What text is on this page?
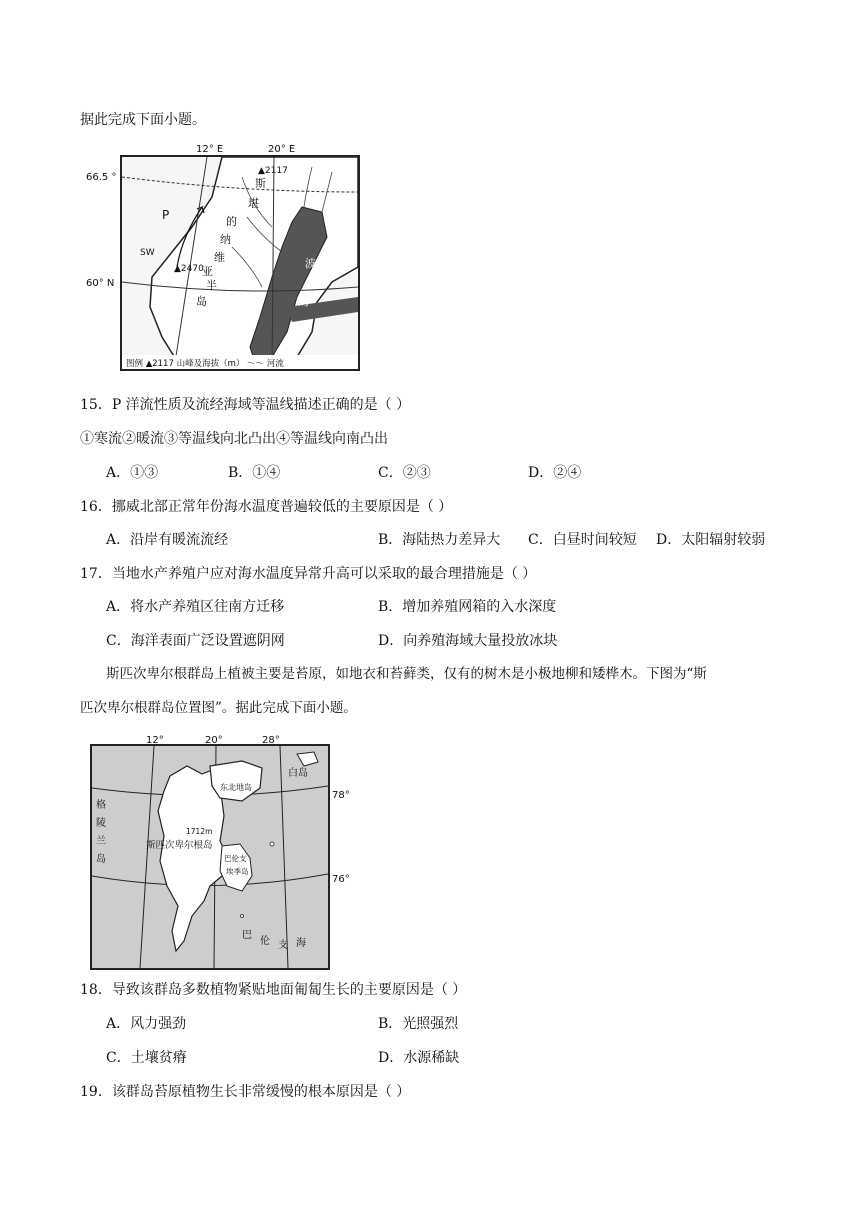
据此完成下面小题。
P
SW
▲2117
▲2470
斯
堪
的
纳
维
亚
半
岛
波
的
海
图例 ▲2117 山峰及海拔（m） 〜〜 河流
12° E	20° E
66.5 °
60° N
15．P 洋流性质及流经海域等温线描述正确的是（ ）
①寒流②暖流③等温线向北凸出④等温线向南凸出
A．①③	B．①④	C．②③	D．②④
16．挪威北部正常年份海水温度普遍较低的主要原因是（ ）
A．沿岸有暖流流经	B．海陆热力差异大 C．白昼时间较短 D．太阳辐射较弱
17．当地水产养殖户应对海水温度异常升高可以采取的最合理措施是（ ）
A．将水产养殖区往南方迁移	B．增加养殖网箱的入水深度
C．海洋表面广泛设置遮阴网	D．向养殖海域大量投放冰块
斯匹次卑尔根群岛上植被主要是苔原，如地衣和苔藓类，仅有的树木是小极地柳和矮桦木。下图为“斯
匹次卑尔根群岛位置图”。据此完成下面小题。
白岛
东北地岛
1712m
斯匹次卑尔根岛
巴伦支
埃季岛
格
陵
兰
岛
巴
伦 支 海
12°	20°	28°
78°
76°
18．导致该群岛多数植物紧贴地面匍匐生长的主要原因是（ ）
A．风力强劲	B．光照强烈
C．土壤贫瘠	D．水源稀缺
19．该群岛苔原植物生长非常缓慢的根本原因是（ ）
